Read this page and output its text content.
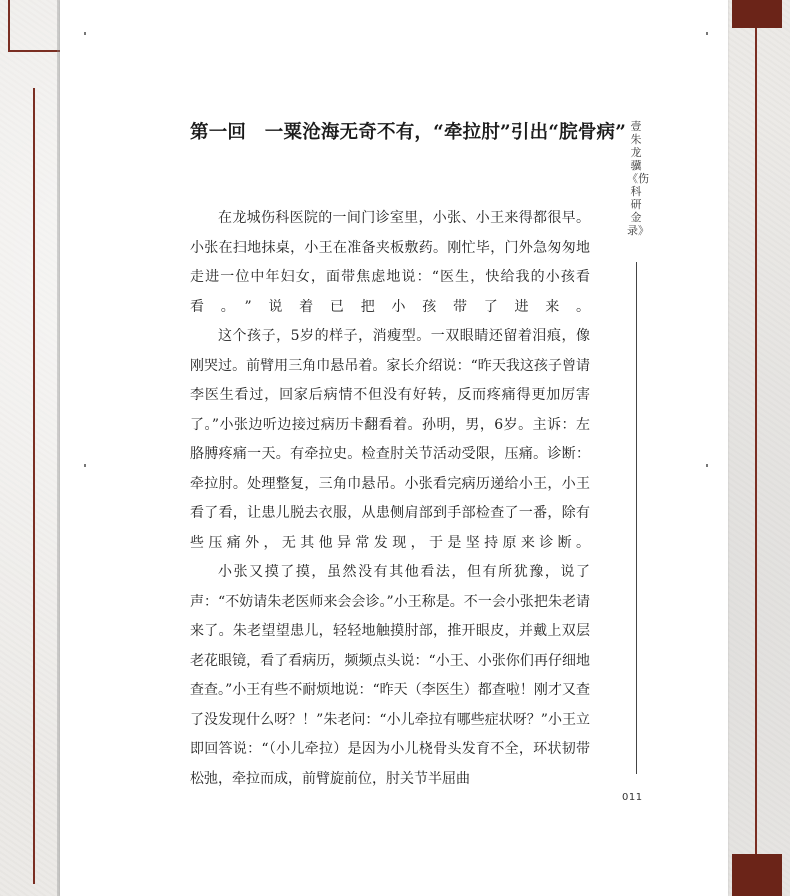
第一回　一粟沧海无奇不有，“牵拉肘”引出“脘骨病”

在龙城伤科医院的一间门诊室里，小张、小王来得都很早。小张在扫地抹桌，小王在准备夹板敷药。刚忙毕，门外急匆匆地走进一位中年妇女，面带焦虑地说：“医生，快给我的小孩看看。”说着已把小孩带了进来。

这个孩子，5岁的样子，消瘦型。一双眼睛还留着泪痕，像刚哭过。前臂用三角巾悬吊着。家长介绍说：“昨天我这孩子曾请李医生看过，回家后病情不但没有好转，反而疼痛得更加厉害了。”小张边听边接过病历卡翻看着。孙明，男，6岁。主诉：左胳膊疼痛一天。有牵拉史。检查肘关节活动受限，压痛。诊断：牵拉肘。处理整复，三角巾悬吊。小张看完病历递给小王，小王看了看，让患儿脱去衣服，从患侧肩部到手部检查了一番，除有些压痛外，无其他异常发现，于是坚持原来诊断。

小张又摸了摸，虽然没有其他看法，但有所犹豫，说了声：“不妨请朱老医师来会会诊。”小王称是。不一会小张把朱老请来了。朱老望望患儿，轻轻地触摸肘部，推开眼皮，并戴上双层老花眼镜，看了看病历，频频点头说：“小王、小张你们再仔细地查查。”小王有些不耐烦地说：“昨天（李医生）都查啦！刚才又查了没发现什么呀？！”朱老问：“小儿牵拉有哪些症状呀？”小王立即回答说：“（小儿牵拉）是因为小儿桡骨头发育不全，环状韧带松弛，牵拉而成，前臂旋前位，肘关节半屈曲

壹 朱龙骥《伤科研金录》
011
